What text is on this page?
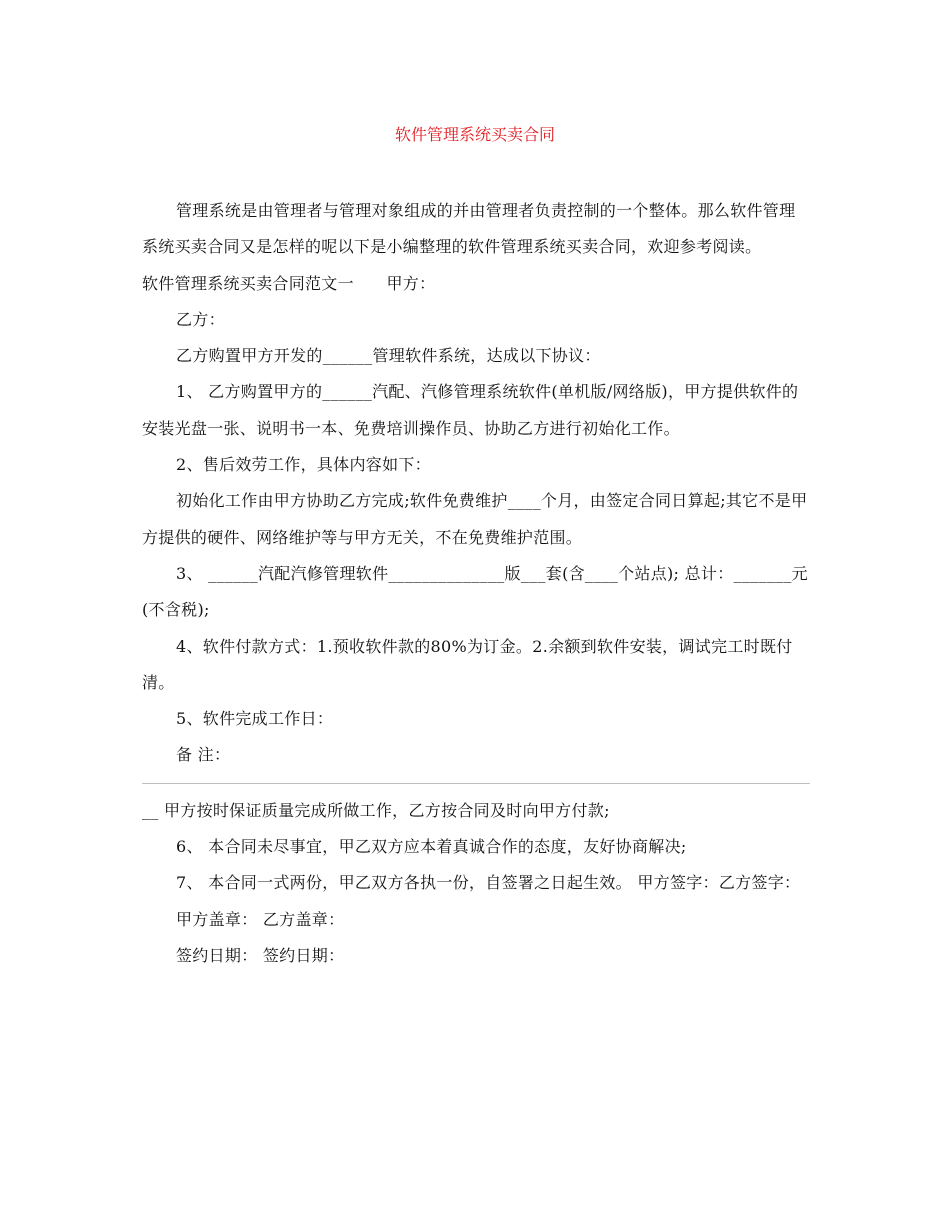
软件管理系统买卖合同

管理系统是由管理者与管理对象组成的并由管理者负责控制的一个整体。那么软件管理系统买卖合同又是怎样的呢以下是小编整理的软件管理系统买卖合同，欢迎参考阅读。

软件管理系统买卖合同范文一　　甲方：

乙方：

乙方购置甲方开发的______管理软件系统，达成以下协议：

1、 乙方购置甲方的______汽配、汽修管理系统软件(单机版/网络版)，甲方提供软件的安装光盘一张、说明书一本、免费培训操作员、协助乙方进行初始化工作。

2、售后效劳工作，具体内容如下：

初始化工作由甲方协助乙方完成;软件免费维护____个月，由签定合同日算起;其它不是甲方提供的硬件、网络维护等与甲方无关，不在免费维护范围。

3、 ______汽配汽修管理软件______________版___套(含____个站点); 总计：_______元(不含税);

4、软件付款方式：1.预收软件款的80%为订金。2.余额到软件安装，调试完工时既付清。

5、软件完成工作日：

备 注：

__ 甲方按时保证质量完成所做工作，乙方按合同及时向甲方付款;

6、 本合同未尽事宜，甲乙双方应本着真诚合作的态度，友好协商解决;

7、 本合同一式两份，甲乙双方各执一份，自签署之日起生效。 甲方签字：乙方签字：

甲方盖章： 乙方盖章：

签约日期： 签约日期：
